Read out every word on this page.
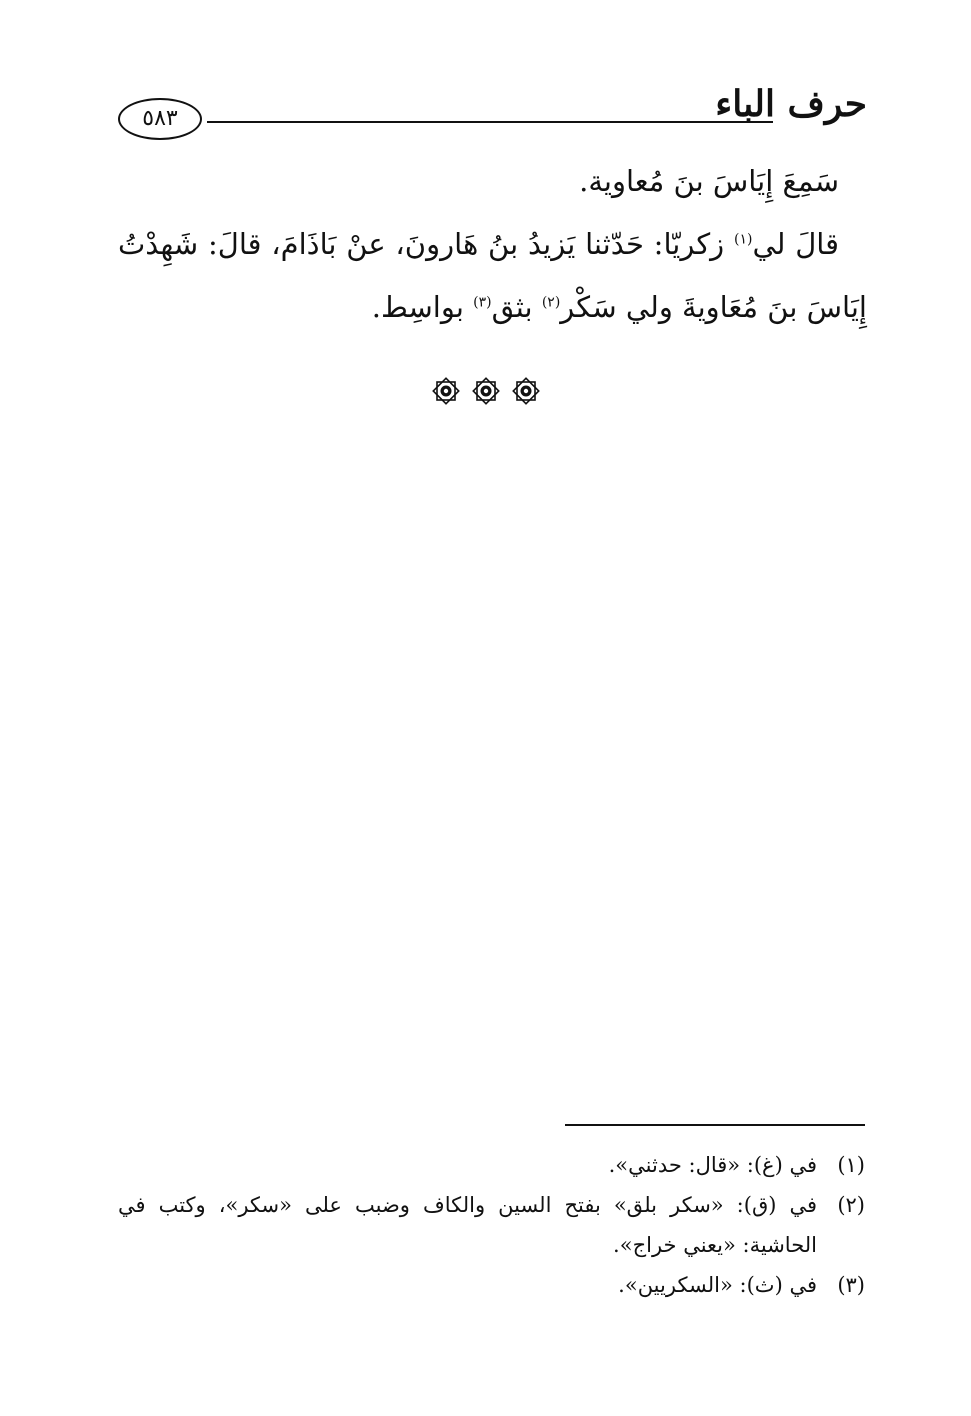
حرف الباء
٥٨٣

سَمِعَ إِيَاسَ بنَ مُعاوية.

قالَ لي$^{(١)}$ زكريّا: حَدّثنا يَزيدُ بنُ هَارونَ، عنْ بَاذَامَ، قالَ: شَهِدْتُ إِيَاسَ بنَ مُعَاويةَ ولي سَكْر$^{(٢)}$ بثق$^{(٣)}$ بواسِط.

(١)
في (غ): «قال: حدثني».
(٢)
في (ق): «سكر بلق» بفتح السين والكاف وضبب على «سكر»، وكتب في الحاشية: «يعني خراج».
(٣)
في (ث): «السكريين».
